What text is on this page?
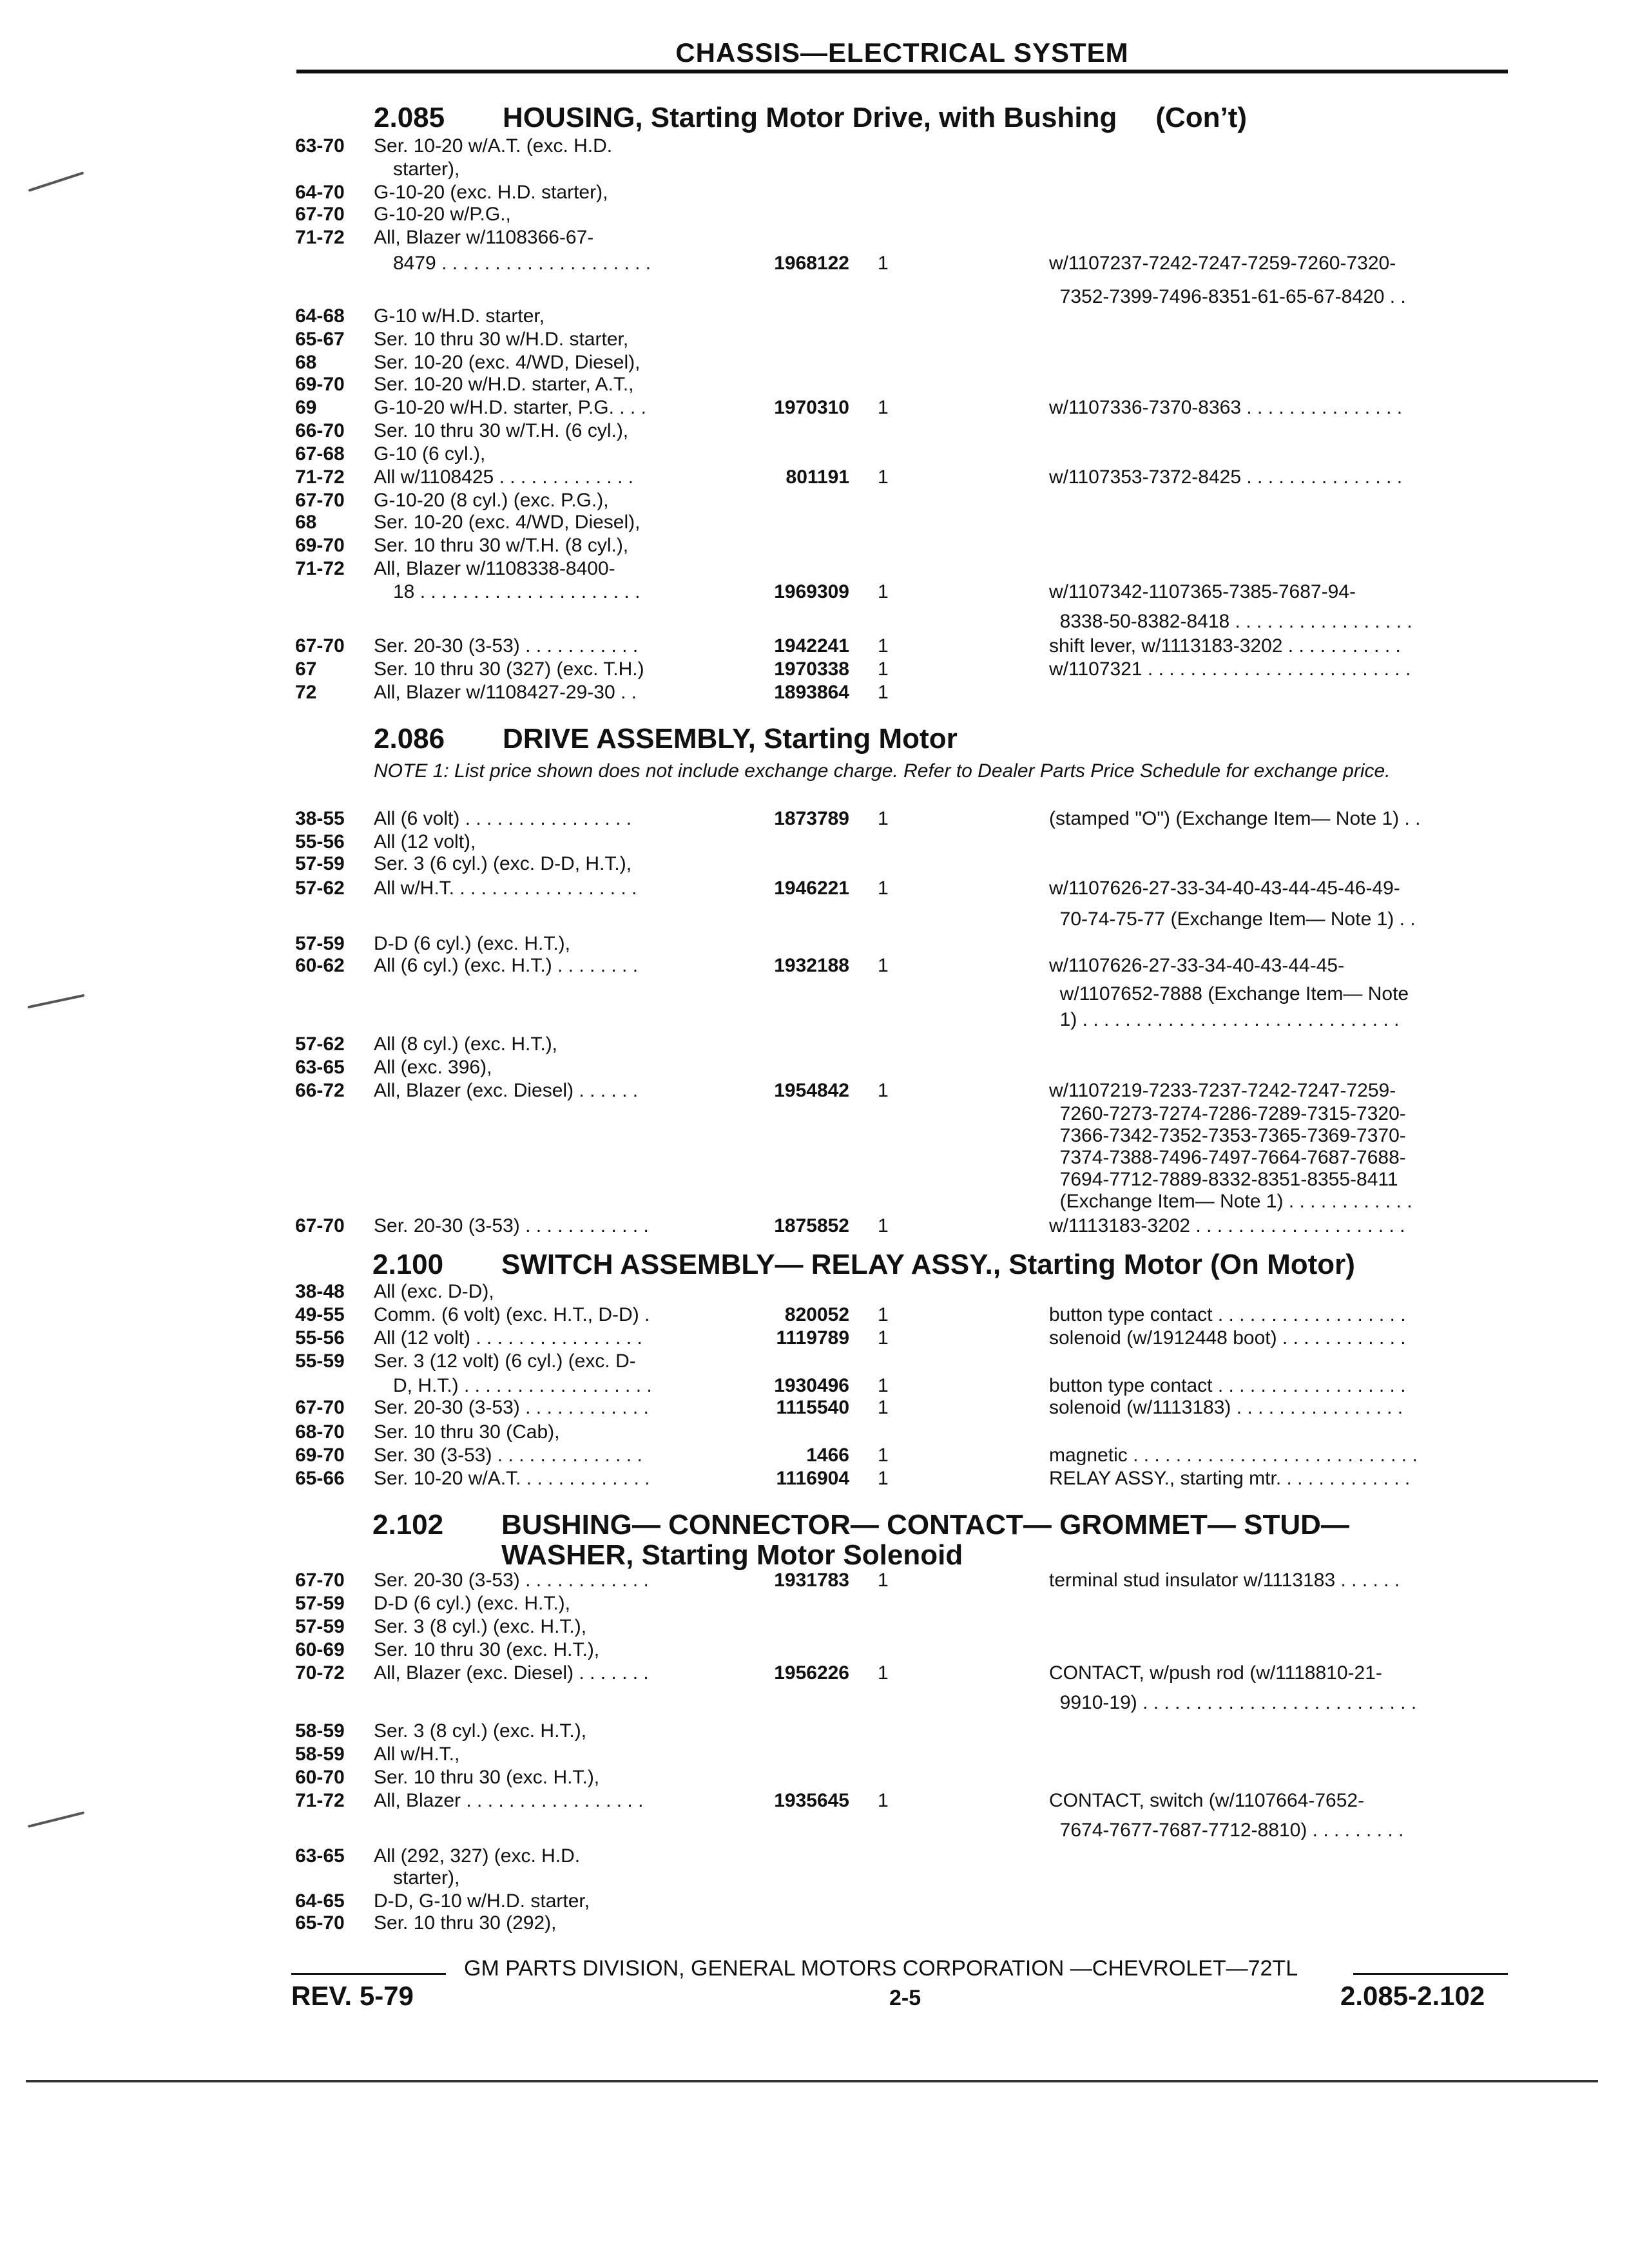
CHASSIS—ELECTRICAL SYSTEM
2.085 HOUSING, Starting Motor Drive, with Bushing (Con’t)
2.086 DRIVE ASSEMBLY, Starting Motor
NOTE 1: List price shown does not include exchange charge. Refer to Dealer Parts Price Schedule for exchange price.
2.100 SWITCH ASSEMBLY— RELAY ASSY., Starting Motor (On Motor)
2.102 BUSHING— CONNECTOR— CONTACT— GROMMET— STUD—
WASHER, Starting Motor Solenoid
63-70 Ser. 10-20 w/A.T. (exc. H.D.
starter),
64-70 G-10-20 (exc. H.D. starter),
67-70 G-10-20 w/P.G.,
71-72 All, Blazer w/1108366-67-
8479 . . . . . . . . . . . . . . . . . . . .	1968122 1	w/1107237-7242-7247-7259-7260-7320-
7352-7399-7496-8351-61-65-67-8420 . .
64-68 G-10 w/H.D. starter,
65-67 Ser. 10 thru 30 w/H.D. starter,
68	Ser. 10-20 (exc. 4/WD, Diesel),
69-70 Ser. 10-20 w/H.D. starter, A.T.,
69	G-10-20 w/H.D. starter, P.G. . . .	1970310 1	w/1107336-7370-8363 . . . . . . . . . . . . . . .
66-70 Ser. 10 thru 30 w/T.H. (6 cyl.),
67-68 G-10 (6 cyl.),
71-72 All w/1108425 . . . . . . . . . . . . .	801191 1	w/1107353-7372-8425 . . . . . . . . . . . . . . .
67-70 G-10-20 (8 cyl.) (exc. P.G.),
68	Ser. 10-20 (exc. 4/WD, Diesel),
69-70 Ser. 10 thru 30 w/T.H. (8 cyl.),
71-72 All, Blazer w/1108338-8400-
18 . . . . . . . . . . . . . . . . . . . . .	1969309 1	w/1107342-1107365-7385-7687-94-
8338-50-8382-8418 . . . . . . . . . . . . . . . . .
67-70 Ser. 20-30 (3-53) . . . . . . . . . . .	1942241 1	shift lever, w/1113183-3202 . . . . . . . . . . .
67	Ser. 10 thru 30 (327) (exc. T.H.)	1970338 1	w/1107321 . . . . . . . . . . . . . . . . . . . . . . . . .
72	All, Blazer w/1108427-29-30 . .	1893864 1
38-55 All (6 volt) . . . . . . . . . . . . . . . .	1873789 1	(stamped "O") (Exchange Item— Note 1) . .
55-56 All (12 volt),
57-59 Ser. 3 (6 cyl.) (exc. D-D, H.T.),
57-62 All w/H.T. . . . . . . . . . . . . . . . . .	1946221 1	w/1107626-27-33-34-40-43-44-45-46-49-
70-74-75-77 (Exchange Item— Note 1) . .
57-59 D-D (6 cyl.) (exc. H.T.),
60-62 All (6 cyl.) (exc. H.T.) . . . . . . . .	1932188 1	w/1107626-27-33-34-40-43-44-45-
w/1107652-7888 (Exchange Item— Note
1) . . . . . . . . . . . . . . . . . . . . . . . . . . . . . .
57-62 All (8 cyl.) (exc. H.T.),
63-65 All (exc. 396),
66-72 All, Blazer (exc. Diesel) . . . . . .	1954842 1	w/1107219-7233-7237-7242-7247-7259-
7260-7273-7274-7286-7289-7315-7320-
7366-7342-7352-7353-7365-7369-7370-
7374-7388-7496-7497-7664-7687-7688-
7694-7712-7889-8332-8351-8355-8411
(Exchange Item— Note 1) . . . . . . . . . . . .
67-70 Ser. 20-30 (3-53) . . . . . . . . . . . .	1875852 1	w/1113183-3202 . . . . . . . . . . . . . . . . . . . .
38-48 All (exc. D-D),
49-55 Comm. (6 volt) (exc. H.T., D-D) .	820052 1	button type contact . . . . . . . . . . . . . . . . . .
55-56 All (12 volt) . . . . . . . . . . . . . . . .	1119789 1	solenoid (w/1912448 boot) . . . . . . . . . . . .
55-59 Ser. 3 (12 volt) (6 cyl.) (exc. D-
D, H.T.) . . . . . . . . . . . . . . . . . .	1930496 1	button type contact . . . . . . . . . . . . . . . . . .
67-70 Ser. 20-30 (3-53) . . . . . . . . . . . .	1115540 1	solenoid (w/1113183) . . . . . . . . . . . . . . . .
68-70 Ser. 10 thru 30 (Cab),
69-70 Ser. 30 (3-53) . . . . . . . . . . . . . .	1466 1	magnetic . . . . . . . . . . . . . . . . . . . . . . . . . . .
65-66 Ser. 10-20 w/A.T. . . . . . . . . . . . .	1116904 1	RELAY ASSY., starting mtr. . . . . . . . . . . . .
67-70 Ser. 20-30 (3-53) . . . . . . . . . . . .	1931783 1	terminal stud insulator w/1113183 . . . . . .
57-59 D-D (6 cyl.) (exc. H.T.),
57-59 Ser. 3 (8 cyl.) (exc. H.T.),
60-69 Ser. 10 thru 30 (exc. H.T.),
70-72 All, Blazer (exc. Diesel) . . . . . . .	1956226 1	CONTACT, w/push rod (w/1118810-21-
9910-19) . . . . . . . . . . . . . . . . . . . . . . . . . .
58-59 Ser. 3 (8 cyl.) (exc. H.T.),
58-59 All w/H.T.,
60-70 Ser. 10 thru 30 (exc. H.T.),
71-72 All, Blazer . . . . . . . . . . . . . . . . .	1935645 1	CONTACT, switch (w/1107664-7652-
7674-7677-7687-7712-8810) . . . . . . . . .
63-65 All (292, 327) (exc. H.D.
starter),
64-65 D-D, G-10 w/H.D. starter,
65-70 Ser. 10 thru 30 (292),
GM PARTS DIVISION, GENERAL MOTORS CORPORATION —CHEVROLET—72TL
REV. 5-79	2-5	2.085-2.102
